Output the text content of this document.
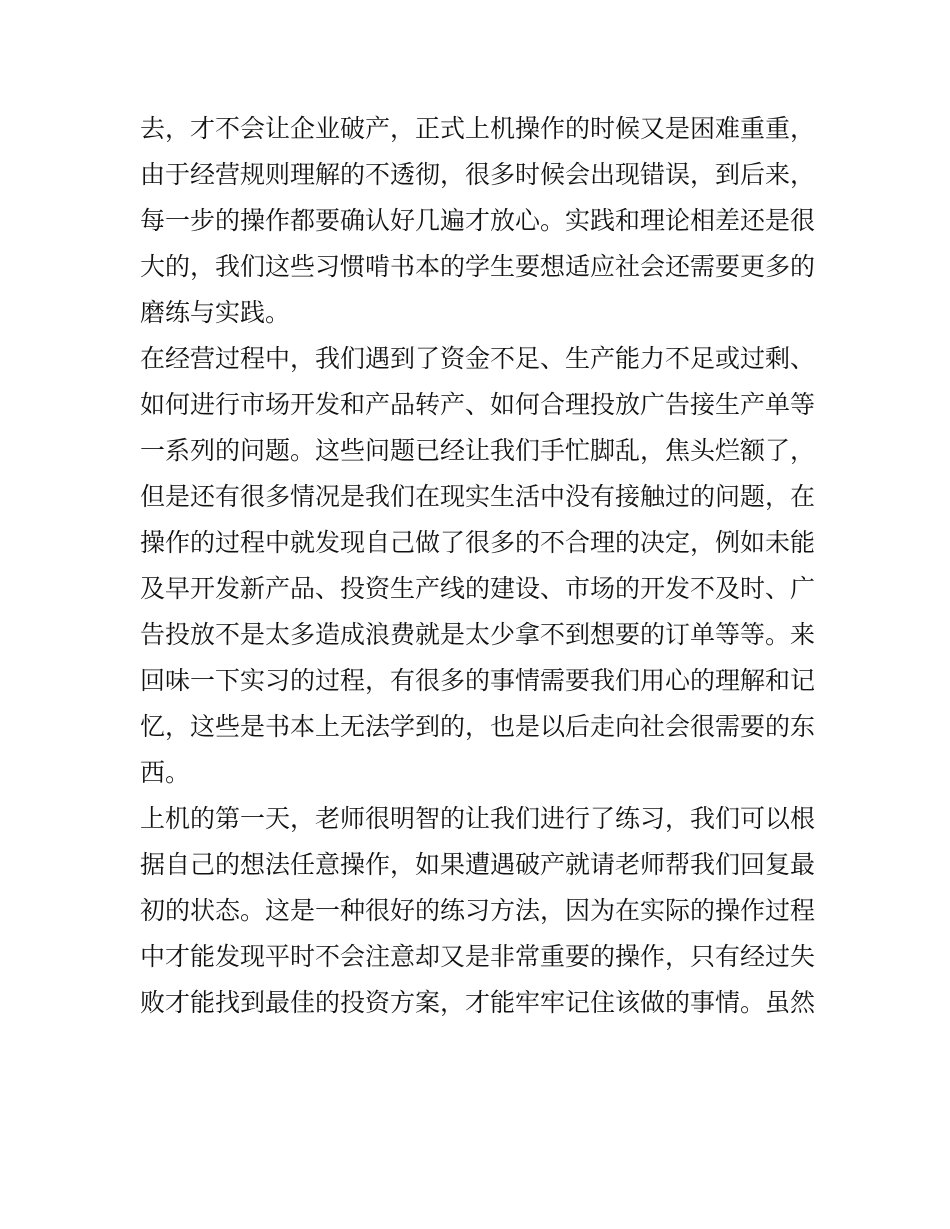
去，才不会让企业破产，正式上机操作的时候又是困难重重，
由于经营规则理解的不透彻，很多时候会出现错误，到后来，
每一步的操作都要确认好几遍才放心。实践和理论相差还是很
大的，我们这些习惯啃书本的学生要想适应社会还需要更多的
磨练与实践。
在经营过程中，我们遇到了资金不足、生产能力不足或过剩、
如何进行市场开发和产品转产、如何合理投放广告接生产单等
一系列的问题。这些问题已经让我们手忙脚乱，焦头烂额了，
但是还有很多情况是我们在现实生活中没有接触过的问题，在
操作的过程中就发现自己做了很多的不合理的决定，例如未能
及早开发新产品、投资生产线的建设、市场的开发不及时、广
告投放不是太多造成浪费就是太少拿不到想要的订单等等。来
回味一下实习的过程，有很多的事情需要我们用心的理解和记
忆，这些是书本上无法学到的，也是以后走向社会很需要的东
西。
上机的第一天，老师很明智的让我们进行了练习，我们可以根
据自己的想法任意操作，如果遭遇破产就请老师帮我们回复最
初的状态。这是一种很好的练习方法，因为在实际的操作过程
中才能发现平时不会注意却又是非常重要的操作，只有经过失
败才能找到最佳的投资方案，才能牢牢记住该做的事情。虽然
